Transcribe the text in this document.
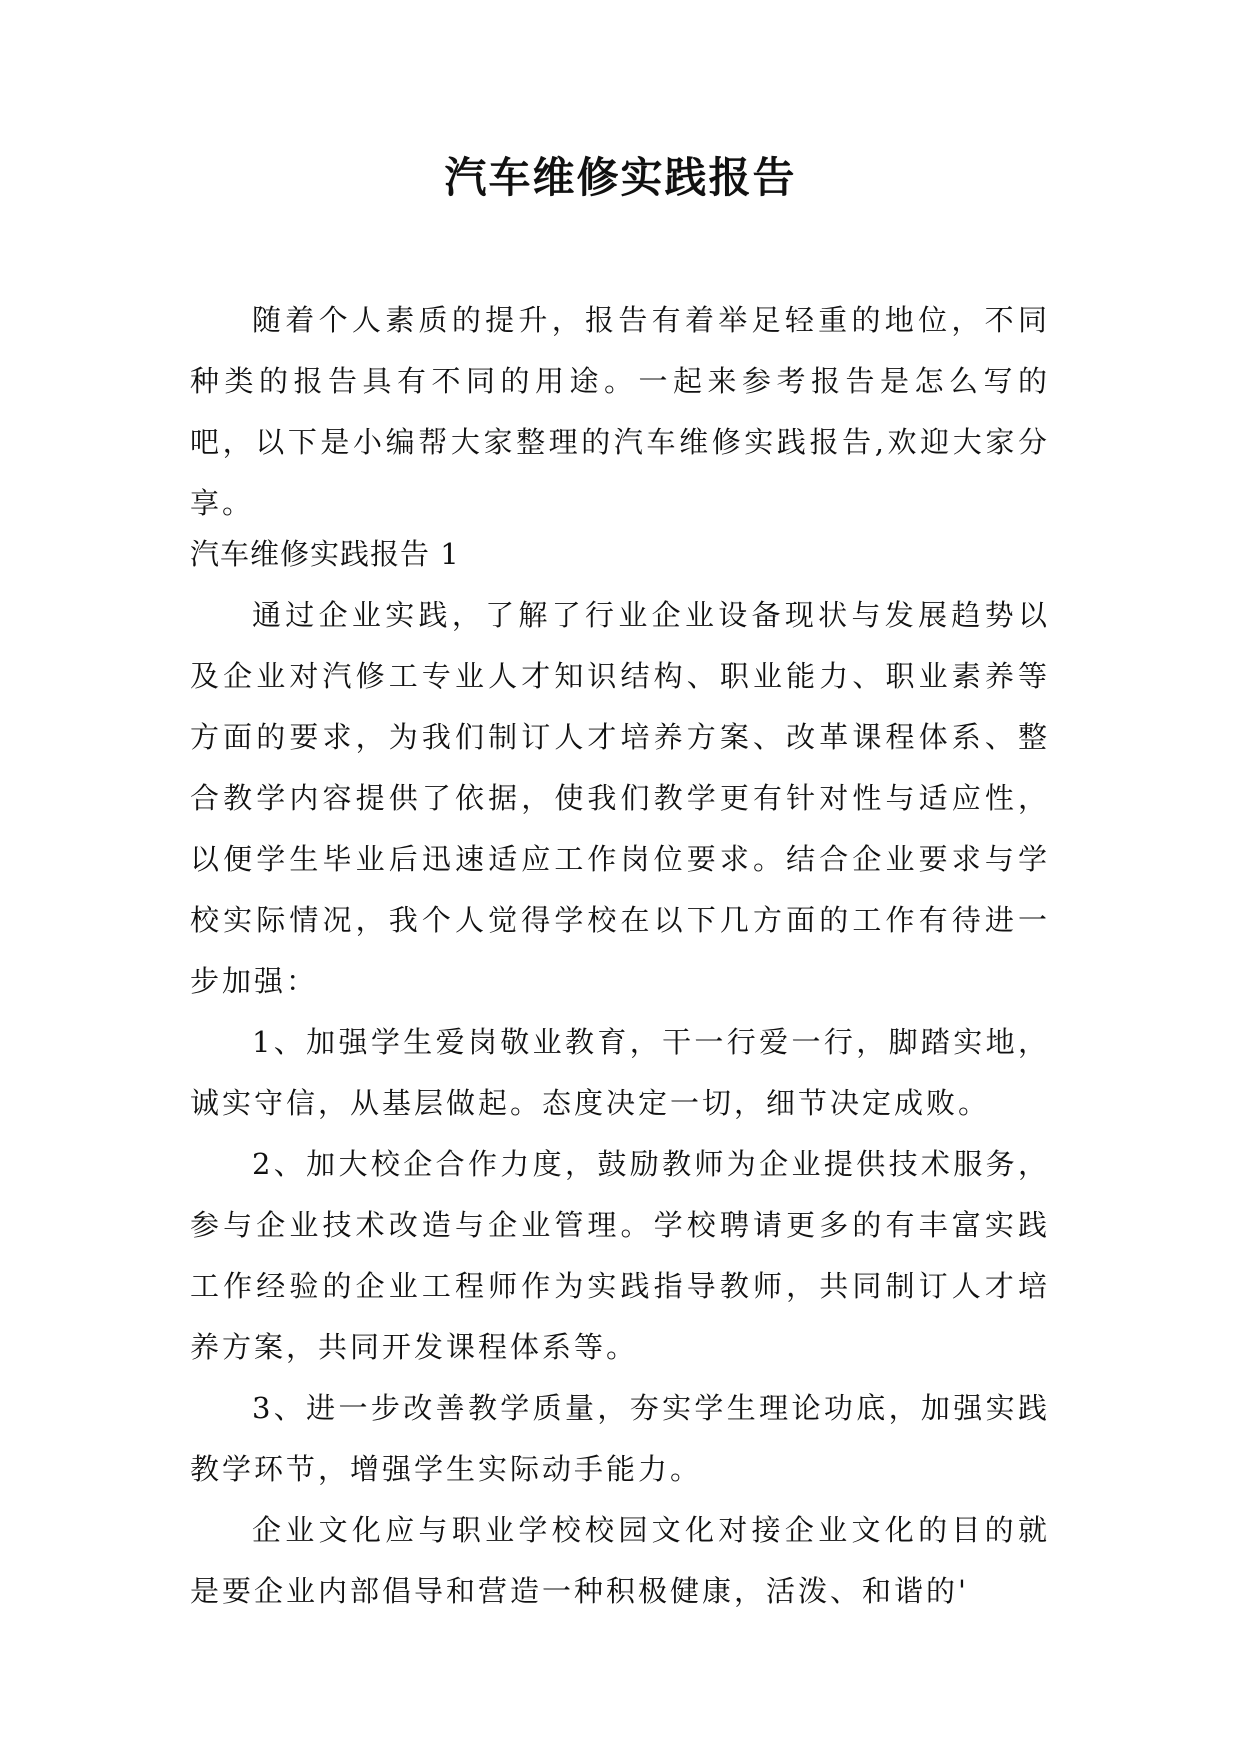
汽车维修实践报告

随着个人素质的提升，报告有着举足轻重的地位，不同种类的报告具有不同的用途。一起来参考报告是怎么写的吧，以下是小编帮大家整理的汽车维修实践报告,欢迎大家分享。

汽车维修实践报告 1

通过企业实践，了解了行业企业设备现状与发展趋势以及企业对汽修工专业人才知识结构、职业能力、职业素养等方面的要求，为我们制订人才培养方案、改革课程体系、整合教学内容提供了依据，使我们教学更有针对性与适应性，以便学生毕业后迅速适应工作岗位要求。结合企业要求与学校实际情况，我个人觉得学校在以下几方面的工作有待进一步加强：

1、加强学生爱岗敬业教育，干一行爱一行，脚踏实地，诚实守信，从基层做起。态度决定一切，细节决定成败。

2、加大校企合作力度，鼓励教师为企业提供技术服务，参与企业技术改造与企业管理。学校聘请更多的有丰富实践工作经验的企业工程师作为实践指导教师，共同制订人才培养方案，共同开发课程体系等。

3、进一步改善教学质量，夯实学生理论功底，加强实践教学环节，增强学生实际动手能力。

企业文化应与职业学校校园文化对接企业文化的目的就是要企业内部倡导和营造一种积极健康，活泼、和谐的'
